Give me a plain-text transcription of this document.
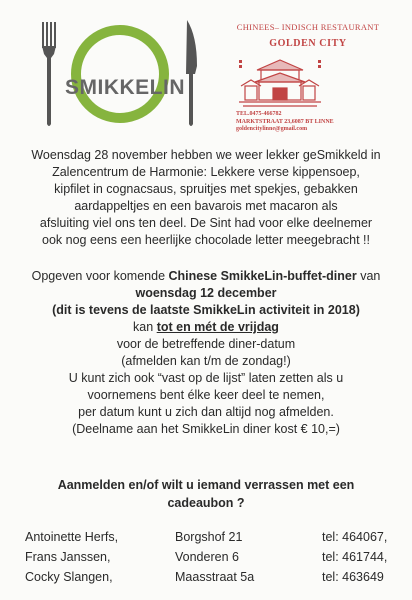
SMIKKELIN
CHINEES– INDISCH RESTAURANT
GOLDEN CITY
TEL.0475-466782
MARKTSTRAAT 23,6087 BT LINNE
goldencitylinne@gmail.com
Woensdag 28 november hebben we weer lekker geSmikkeld in
Zalencentrum de Harmonie: Lekkere verse kippensoep,
kipfilet in cognacsaus, spruitjes met spekjes, gebakken
aardappeltjes en een bavarois met macaron als
afsluiting viel ons ten deel. De Sint had voor elke deelnemer
ook nog eens een heerlijke chocolade letter meegebracht !!
Opgeven voor komende Chinese SmikkeLin-buffet-diner van
woensdag 12 december
(dit is tevens de laatste SmikkeLin activiteit in 2018)
kan tot en mét de vrijdag
voor de betreffende diner-datum
(afmelden kan t/m de zondag!)
U kunt zich ook “vast op de lijst” laten zetten als u
voornemens bent élke keer deel te nemen,
per datum kunt u zich dan altijd nog afmelden.
(Deelname aan het SmikkeLin diner kost € 10,=)
Aanmelden en/of wilt u iemand verrassen met een
cadeaubon ?
Antoinette Herfs,	Borgshof 21	tel: 464067,
Frans Janssen,	Vonderen 6	tel: 461744,
Cocky Slangen,	Maasstraat 5a	tel: 463649
